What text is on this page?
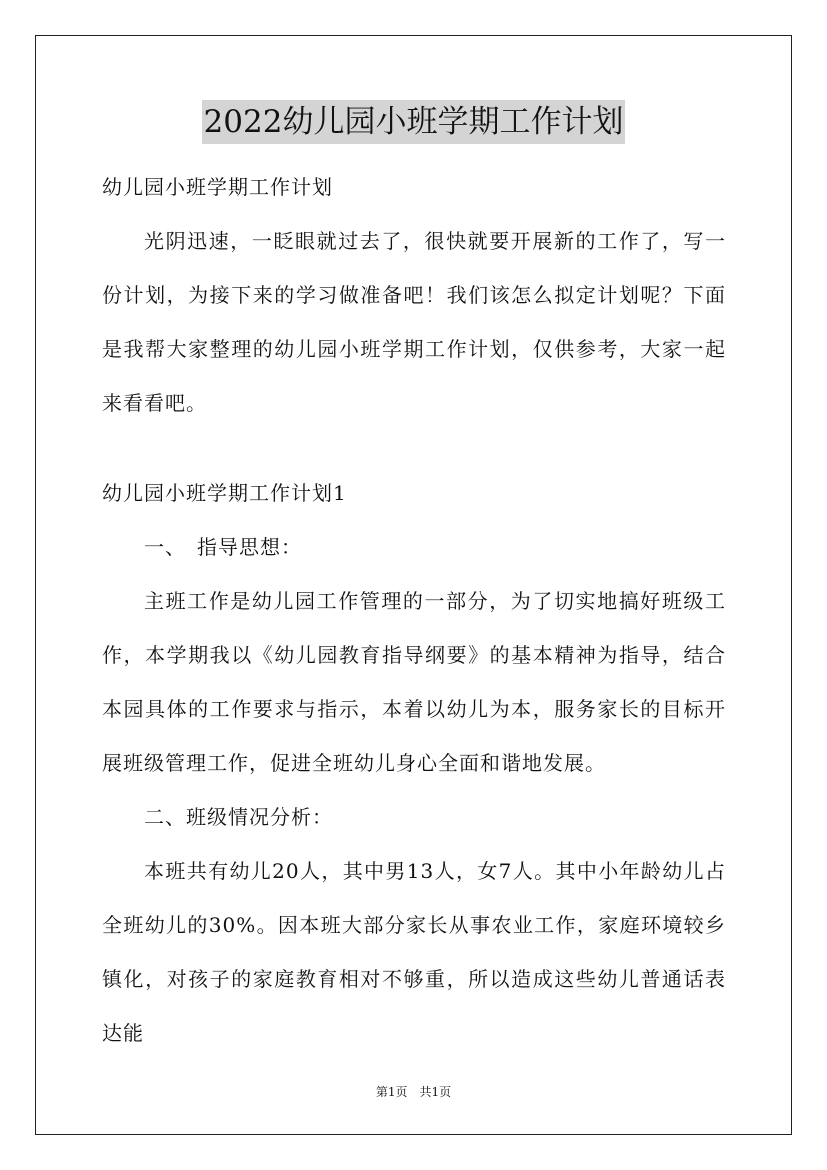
2022幼儿园小班学期工作计划

幼儿园小班学期工作计划

光阴迅速，一眨眼就过去了，很快就要开展新的工作了，写一份计划，为接下来的学习做准备吧！我们该怎么拟定计划呢？下面是我帮大家整理的幼儿园小班学期工作计划，仅供参考，大家一起来看看吧。

幼儿园小班学期工作计划1

一、　指导思想：

主班工作是幼儿园工作管理的一部分，为了切实地搞好班级工作，本学期我以《幼儿园教育指导纲要》的基本精神为指导，结合本园具体的工作要求与指示，本着以幼儿为本，服务家长的目标开展班级管理工作，促进全班幼儿身心全面和谐地发展。

二、班级情况分析：

本班共有幼儿20人，其中男13人，女7人。其中小年龄幼儿占全班幼儿的30%。因本班大部分家长从事农业工作，家庭环境较乡镇化，对孩子的家庭教育相对不够重，所以造成这些幼儿普通话表达能

第1页　共1页
